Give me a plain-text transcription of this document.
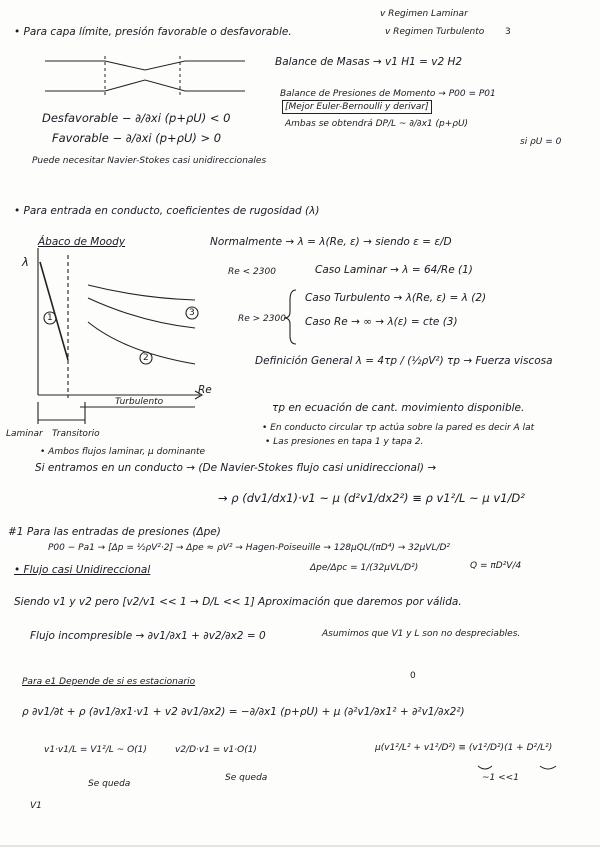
v Regimen Laminar
v Regimen Turbulento 3
• Para capa límite, presión favorable o desfavorable.
Balance de Masas → v1 H1 = v2 H2
Balance de Presiones de Momento → P00 = P01
[Mejor Euler-Bernoulli y derivar]
Ambas se obtendrá DP/L ~ ∂/∂x1 (p+ρU)
si ρU = 0
Desfavorable − ∂/∂xi (p+ρU) < 0
Favorable − ∂/∂xi (p+ρU) > 0
Puede necesitar Navier-Stokes casi unidireccionales
• Para entrada en conducto, coeficientes de rugosidad (λ)
Ábaco de Moody	Normalmente → λ = λ(Re, ε) → siendo ε = ε/D
Re < 2300	Caso Laminar → λ = 64/Re (1)
Re > 2300
Caso Turbulento → λ(Re, ε) = λ (2)
Caso Re → ∞ → λ(ε) = cte (3)
Definición General λ = 4τp / (½ρV²) τp → Fuerza viscosa
λ
Re
Turbulento
Laminar Transitorio
1	3
2
τp en ecuación de cant. movimiento disponible.
• En conducto circular τp actúa sobre la pared es decir A lat
• Las presiones en tapa 1 y tapa 2.
• Ambos flujos laminar, μ dominante
Si entramos en un conducto → (De Navier-Stokes flujo casi unidireccional) →
→ ρ (dv1/dx1)·v1 ~ μ (d²v1/dx2²) ≡ ρ v1²/L ~ μ v1/D²
#1 Para las entradas de presiones (Δpe)
P00 − Pa1 → [Δp = ½ρV²·2] → Δpe ≈ ρV² → Hagen-Poiseuille → 128μQL/(πD⁴) → 32μVL/D²
Δpe/Δpc = 1/(32μVL/D²)	Q = πD²V/4
• Flujo casi Unidireccional
Siendo v1 y v2 pero [v2/v1 << 1 → D/L << 1] Aproximación que daremos por válida.
Flujo incompresible → ∂v1/∂x1 + ∂v2/∂x2 = 0	Asumimos que V1 y L son no despreciables.
Para e1 Depende de si es estacionario
0
ρ ∂v1/∂t + ρ (∂v1/∂x1·v1 + v2 ∂v1/∂x2) = −∂/∂x1 (p+ρU) + μ (∂²v1/∂x1² + ∂²v1/∂x2²)
v1·v1/L = V1²/L ~ O(1)	v2/D·v1 = v1·O(1)	μ(v1²/L² + v1²/D²) ≡ (v1²/D²)(1 + D²/L²)
~1 <<1
Se queda
Se queda
V1
